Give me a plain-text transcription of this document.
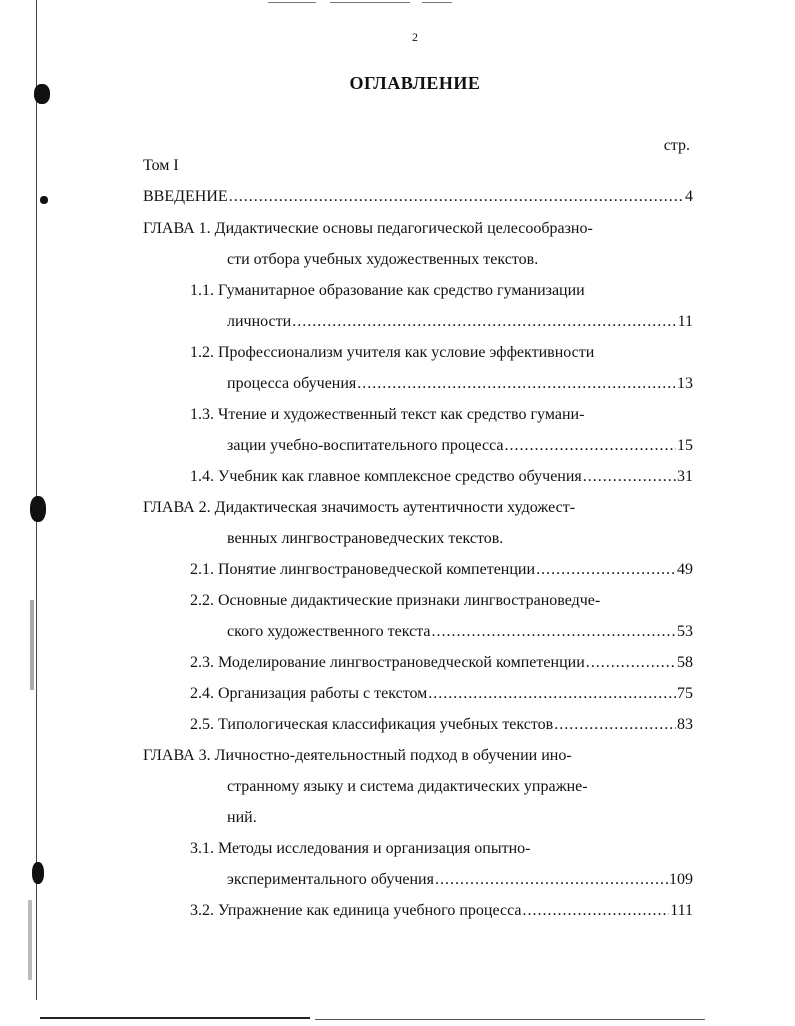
2
ОГЛАВЛЕНИЕ
стр.
Том I
ВВЕДЕНИЕ . . .	4
ГЛАВА 1. Дидактические основы педагогической целесообразно-
сти отбора учебных художественных текстов.
1.1. Гуманитарное образование как средство гуманизации
личности . . .	11
1.2. Профессионализм учителя как условие эффективности
процесса обучения . . .	13
1.3. Чтение и художественный текст как средство гумани-
зации учебно-воспитательного процесса . . .	15
1.4. Учебник как главное комплексное средство обучения . . .	31
ГЛАВА 2. Дидактическая значимость аутентичности художест-
венных лингвострановедческих текстов.
2.1. Понятие лингвострановедческой компетенции . . .	49
2.2. Основные дидактические признаки лингвострановедче-
ского художественного текста . . .	53
2.3. Моделирование лингвострановедческой компетенции . . .	58
2.4. Организация работы с текстом . . .	75
2.5. Типологическая классификация учебных текстов . . .	83
ГЛАВА 3. Личностно-деятельностный подход в обучении ино-
странному языку и система дидактических упражне-
ний.
3.1. Методы исследования и организация опытно-
экспериментального обучения . . .	109
3.2. Упражнение как единица учебного процесса . . .	111
